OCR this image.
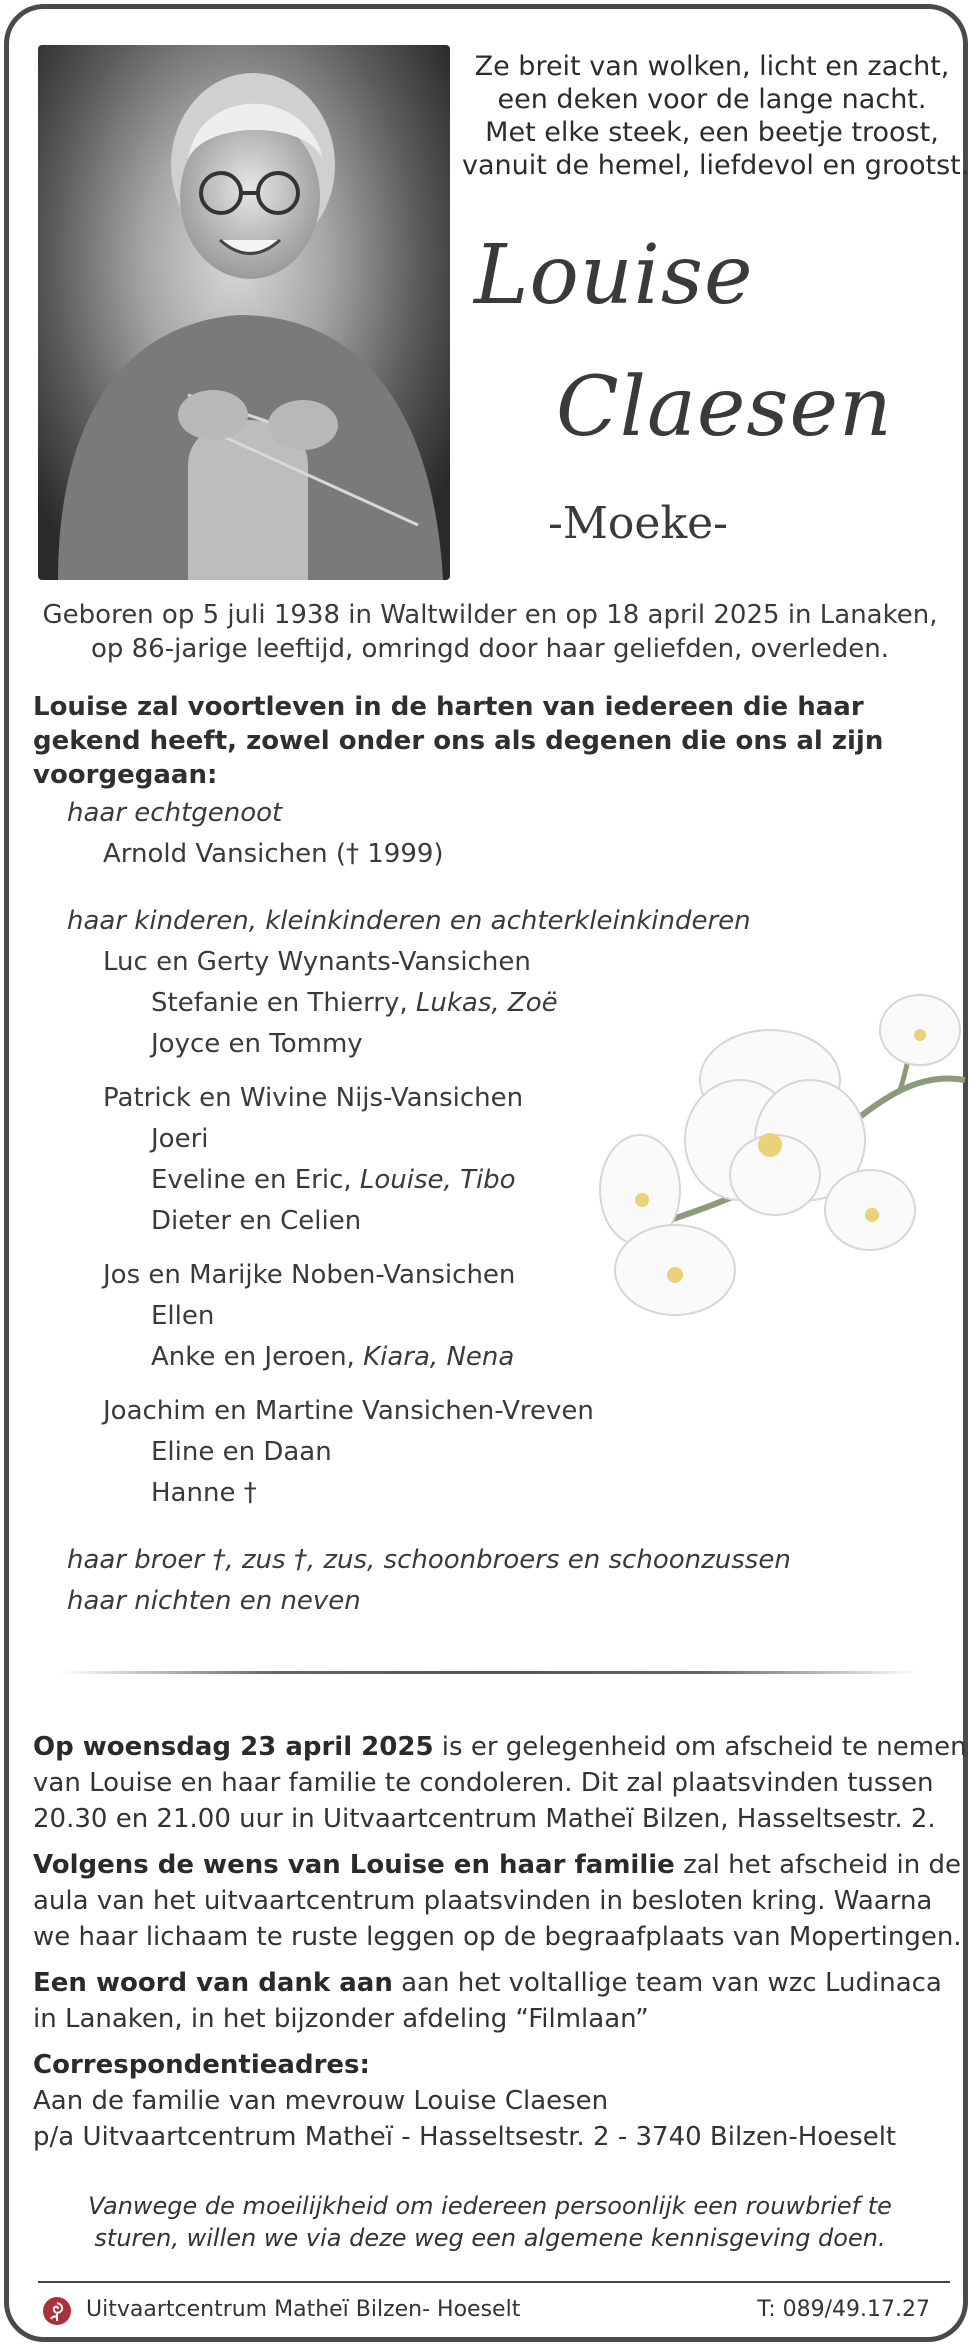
Ze breit van wolken, licht en zacht,
een deken voor de lange nacht.
Met elke steek, een beetje troost,
vanuit de hemel, liefdevol en grootst.
Louise
Claesen
-Moeke-
Geboren op 5 juli 1938 in Waltwilder en op 18 april 2025 in Lanaken,
op 86-jarige leeftijd, omringd door haar geliefden, overleden.
Louise zal voortleven in de harten van iedereen die haar gekend heeft, zowel onder ons als degenen die ons al zijn voorgegaan:
haar echtgenoot
Arnold Vansichen († 1999)
haar kinderen, kleinkinderen en achterkleinkinderen
Luc en Gerty Wynants-Vansichen
Stefanie en Thierry, Lukas, Zoë
Joyce en Tommy
Patrick en Wivine Nijs-Vansichen
Joeri
Eveline en Eric, Louise, Tibo
Dieter en Celien
Jos en Marijke Noben-Vansichen
Ellen
Anke en Jeroen, Kiara, Nena
Joachim en Martine Vansichen-Vreven
Eline en Daan
Hanne †
haar broer †, zus †, zus, schoonbroers en schoonzussen
haar nichten en neven

Op woensdag 23 april 2025 is er gelegenheid om afscheid te nemen van Louise en haar familie te condoleren. Dit zal plaatsvinden tussen 20.30 en 21.00 uur in Uitvaartcentrum Matheï Bilzen, Hasseltsestr. 2.

Volgens de wens van Louise en haar familie zal het afscheid in de aula van het uitvaartcentrum plaatsvinden in besloten kring. Waarna we haar lichaam te ruste leggen op de begraafplaats van Mopertingen.

Een woord van dank aan aan het voltallige team van wzc Ludinaca in Lanaken, in het bijzonder afdeling “Filmlaan”

Correspondentieadres:
Aan de familie van mevrouw Louise Claesen
p/a Uitvaartcentrum Matheï - Hasseltsestr. 2 - 3740 Bilzen-Hoeselt
Vanwege de moeilijkheid om iedereen persoonlijk een rouwbrief te
sturen, willen we via deze weg een algemene kennisgeving doen.
Uitvaartcentrum Matheï Bilzen- Hoeselt	T: 089/49.17.27
